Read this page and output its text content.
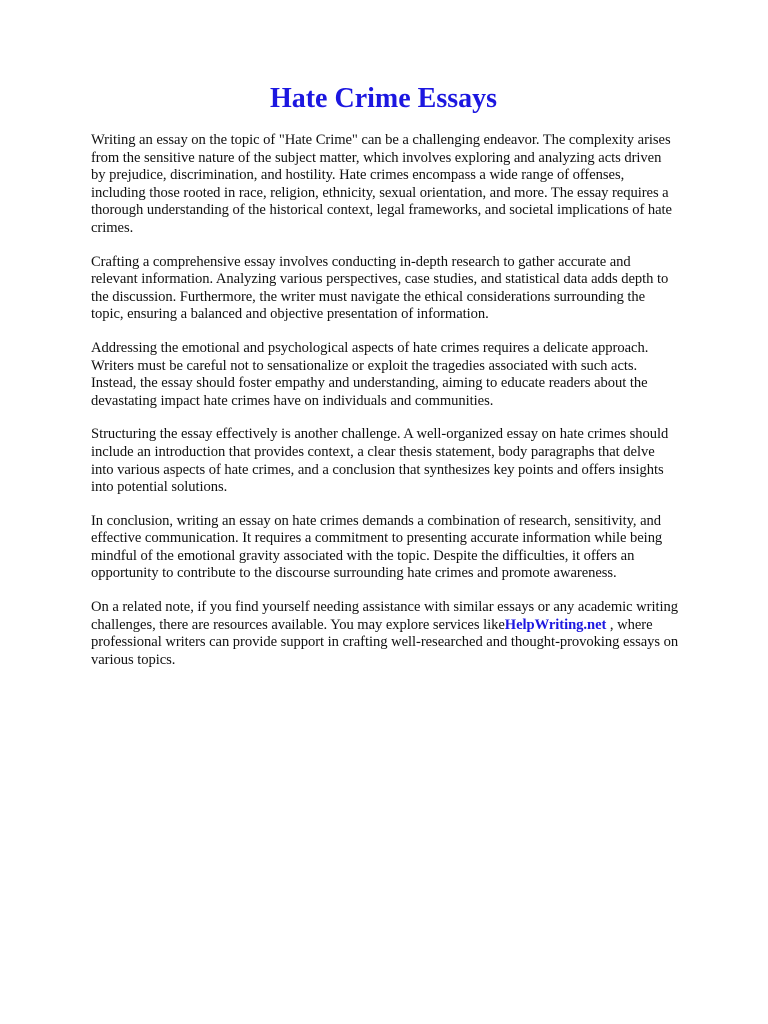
Hate Crime Essays

Writing an essay on the topic of "Hate Crime" can be a challenging endeavor. The complexity arises
from the sensitive nature of the subject matter, which involves exploring and analyzing acts driven
by prejudice, discrimination, and hostility. Hate crimes encompass a wide range of offenses,
including those rooted in race, religion, ethnicity, sexual orientation, and more. The essay requires a
thorough understanding of the historical context, legal frameworks, and societal implications of hate
crimes.

Crafting a comprehensive essay involves conducting in-depth research to gather accurate and
relevant information. Analyzing various perspectives, case studies, and statistical data adds depth to
the discussion. Furthermore, the writer must navigate the ethical considerations surrounding the
topic, ensuring a balanced and objective presentation of information.

Addressing the emotional and psychological aspects of hate crimes requires a delicate approach.
Writers must be careful not to sensationalize or exploit the tragedies associated with such acts.
Instead, the essay should foster empathy and understanding, aiming to educate readers about the
devastating impact hate crimes have on individuals and communities.

Structuring the essay effectively is another challenge. A well-organized essay on hate crimes should
include an introduction that provides context, a clear thesis statement, body paragraphs that delve
into various aspects of hate crimes, and a conclusion that synthesizes key points and offers insights
into potential solutions.

In conclusion, writing an essay on hate crimes demands a combination of research, sensitivity, and
effective communication. It requires a commitment to presenting accurate information while being
mindful of the emotional gravity associated with the topic. Despite the difficulties, it offers an
opportunity to contribute to the discourse surrounding hate crimes and promote awareness.

On a related note, if you find yourself needing assistance with similar essays or any academic writing
challenges, there are resources available. You may explore services likeHelpWriting.net , where
professional writers can provide support in crafting well-researched and thought-provoking essays on
various topics.
